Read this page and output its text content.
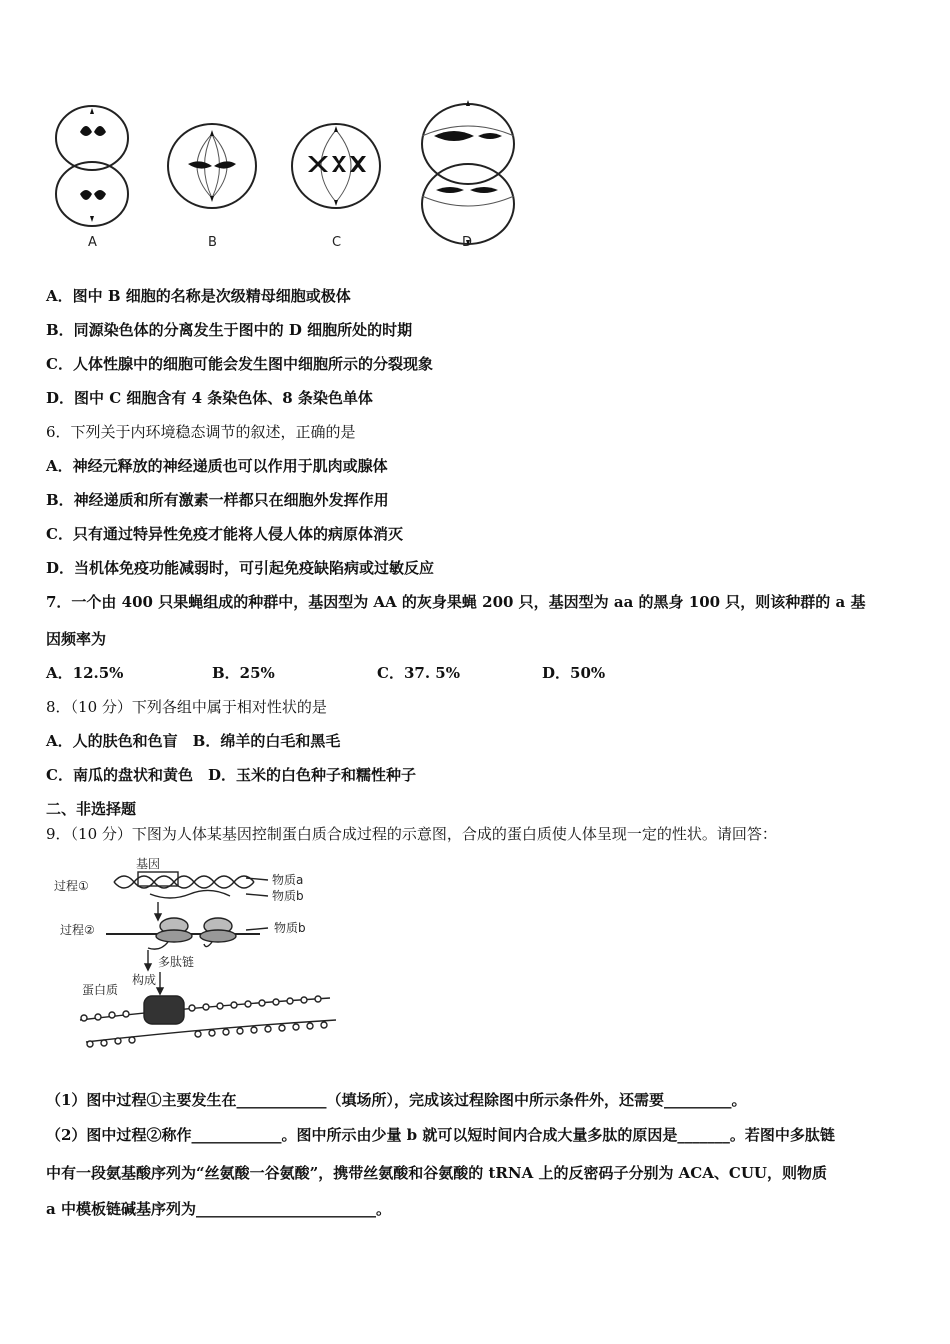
A	B	C	D
A．图中 B 细胞的名称是次级精母细胞或极体
B．同源染色体的分离发生于图中的 D 细胞所处的时期
C．人体性腺中的细胞可能会发生图中细胞所示的分裂现象
D．图中 C 细胞含有 4 条染色体、8 条染色单体
6．下列关于内环境稳态调节的叙述，正确的是
A．神经元释放的神经递质也可以作用于肌肉或腺体
B．神经递质和所有激素一样都只在细胞外发挥作用
C．只有通过特异性免疫才能将人侵人体的病原体消灭
D．当机体免疫功能减弱时，可引起免疫缺陷病或过敏反应
7．一个由 400 只果蝇组成的种群中，基因型为 AA 的灰身果蝇 200 只，基因型为 aa 的黑身 100 只，则该种群的 a 基
因频率为
A．12.5%	B．25%	C．37. 5%	D．50%
8．（10 分）下列各组中属于相对性状的是
A．人的肤色和色盲　B．绵羊的白毛和黑毛
C．南瓜的盘状和黄色　D．玉米的白色种子和糯性种子
二、非选择题
9．（10 分）下图为人体某基因控制蛋白质合成过程的示意图，合成的蛋白质使人体呈现一定的性状。请回答：
基因
过程①
过程②
物质a
物质b
物质b
多肽链
构成
蛋白质
（1）图中过程①主要发生在____________（填场所），完成该过程除图中所示条件外，还需要_________。
（2）图中过程②称作____________。图中所示由少量 b 就可以短时间内合成大量多肽的原因是_______。若图中多肽链
中有一段氨基酸序列为“丝氨酸一谷氨酸”，携带丝氨酸和谷氨酸的 tRNA 上的反密码子分别为 ACA、CUU，则物质
a 中模板链碱基序列为________________________。
